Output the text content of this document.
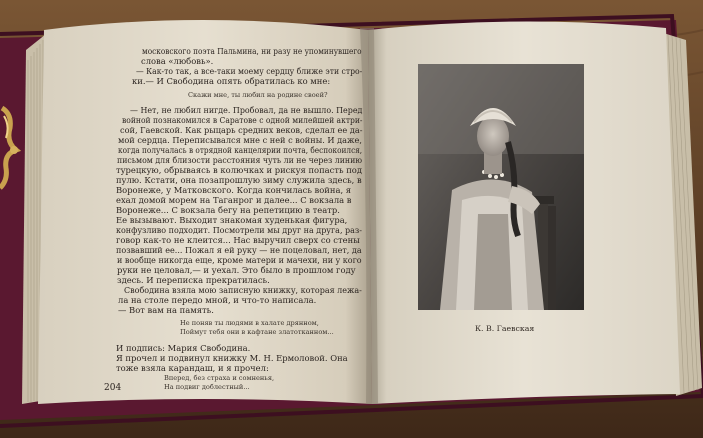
московского поэта Пальмина, ни разу не упоминувшего

слова «любовь».

— Как-то так, а все-таки моему сердцу ближе эти стро-

ки.— И Свободина опять обратилась ко мне:

Скажи мне, ты любил на родине своей?

— Нет, не любил нигде. Пробовал, да не вышло. Перед

войной познакомился в Саратове с одной милейшей актри-

сой, Гаевской. Как рыцарь средних веков, сделал ее да-

мой сердца. Переписывался мне с ней с войны. И даже,

когда получалась в отрядной канцелярии почта, беспокоился,

письмом для близости расстояния чуть ли не через линию

турецкую, обрываясь в колючках и рискуя попасть под

пулю. Кстати, она позапрошлую зиму служила здесь, в

Воронеже, у Матковского. Когда кончилась война, я

ехал домой морем на Таганрог и далее... С вокзала в

Воронеже... С вокзала бегу на репетицию в театр.

Ее вызывают. Выходит знакомая худенькая фигура,

конфузливо подходит. Посмотрели мы друг на друга, раз-

говор как-то не клеится... Нас выручил сверх со стены

позвавший ее... Пожал я ей руку — не поцеловал, нет, да

и вообще никогда еще, кроме матери и мачехи, ни у кого

руки не целовал,— и уехал. Это было в прошлом году

здесь. И переписка прекратилась.

Свободина взяла мою записную книжку, которая лежа-

ла на столе передо мной, и что-то написала.

— Вот вам на память.

Не поняв ты людями в халате дрянном,

Поймут тебя они в кафтане златотканном...

И подпись: Мария Свободина.

Я прочел и подвинул книжку М. Н. Ермоловой. Она

тоже взяла карандаш, и я прочел:

Вперед, без страха и сомненья,

На подвиг доблестный...

204

К. В. Гаевская
